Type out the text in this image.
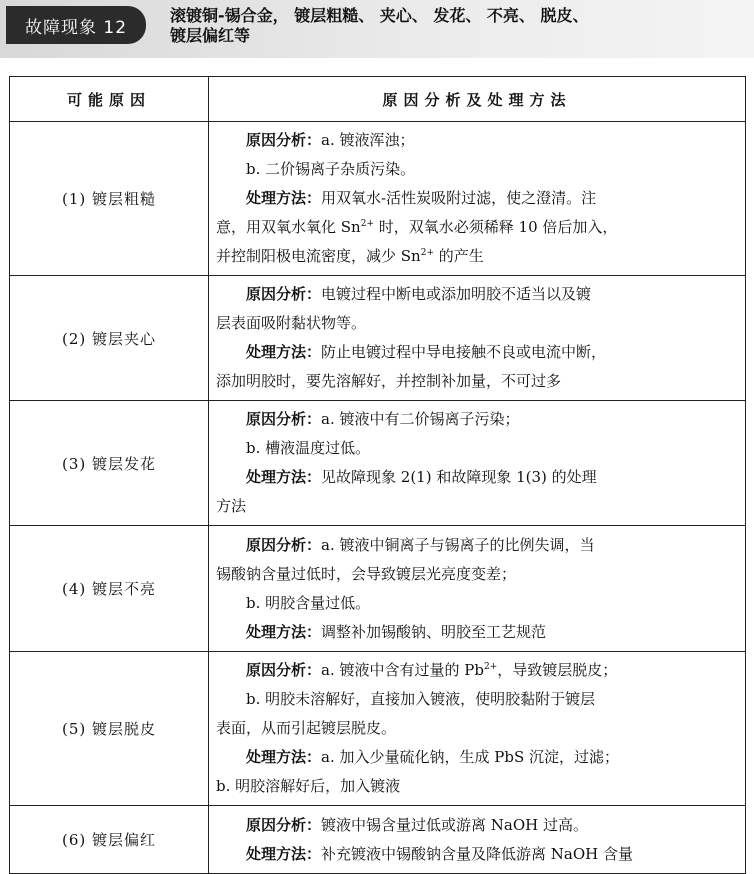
故障现象 12
滚镀铜-锡合金， 镀层粗糙、 夹心、 发花、 不亮、 脱皮、
镀层偏红等
可能原因	原因分析及处理方法
(1) 镀层粗糙	原因分析：a. 镀液浑浊；
b. 二价锡离子杂质污染。
处理方法：用双氧水-活性炭吸附过滤，使之澄清。注
意，用双氧水氧化 $Sn^{2+}$ 时，双氧水必须稀释 10 倍后加入，
并控制阳极电流密度，减少 $Sn^{2+}$ 的产生

(2) 镀层夹心	原因分析：电镀过程中断电或添加明胶不适当以及镀
层表面吸附黏状物等。
处理方法：防止电镀过程中导电接触不良或电流中断，
添加明胶时，要先溶解好，并控制补加量，不可过多

(3) 镀层发花	原因分析：a. 镀液中有二价锡离子污染；
b. 槽液温度过低。
处理方法：见故障现象 2(1) 和故障现象 1(3) 的处理
方法

(4) 镀层不亮	原因分析：a. 镀液中铜离子与锡离子的比例失调，当
锡酸钠含量过低时，会导致镀层光亮度变差；
b. 明胶含量过低。
处理方法：调整补加锡酸钠、明胶至工艺规范

(5) 镀层脱皮	原因分析：a. 镀液中含有过量的 $Pb^{2+}$，导致镀层脱皮；
b. 明胶未溶解好，直接加入镀液，使明胶黏附于镀层
表面，从而引起镀层脱皮。
处理方法：a. 加入少量硫化钠，生成 PbS 沉淀，过滤；
b. 明胶溶解好后，加入镀液

(6) 镀层偏红	原因分析：镀液中锡含量过低或游离 NaOH 过高。
处理方法：补充镀液中锡酸钠含量及降低游离 NaOH 含量
